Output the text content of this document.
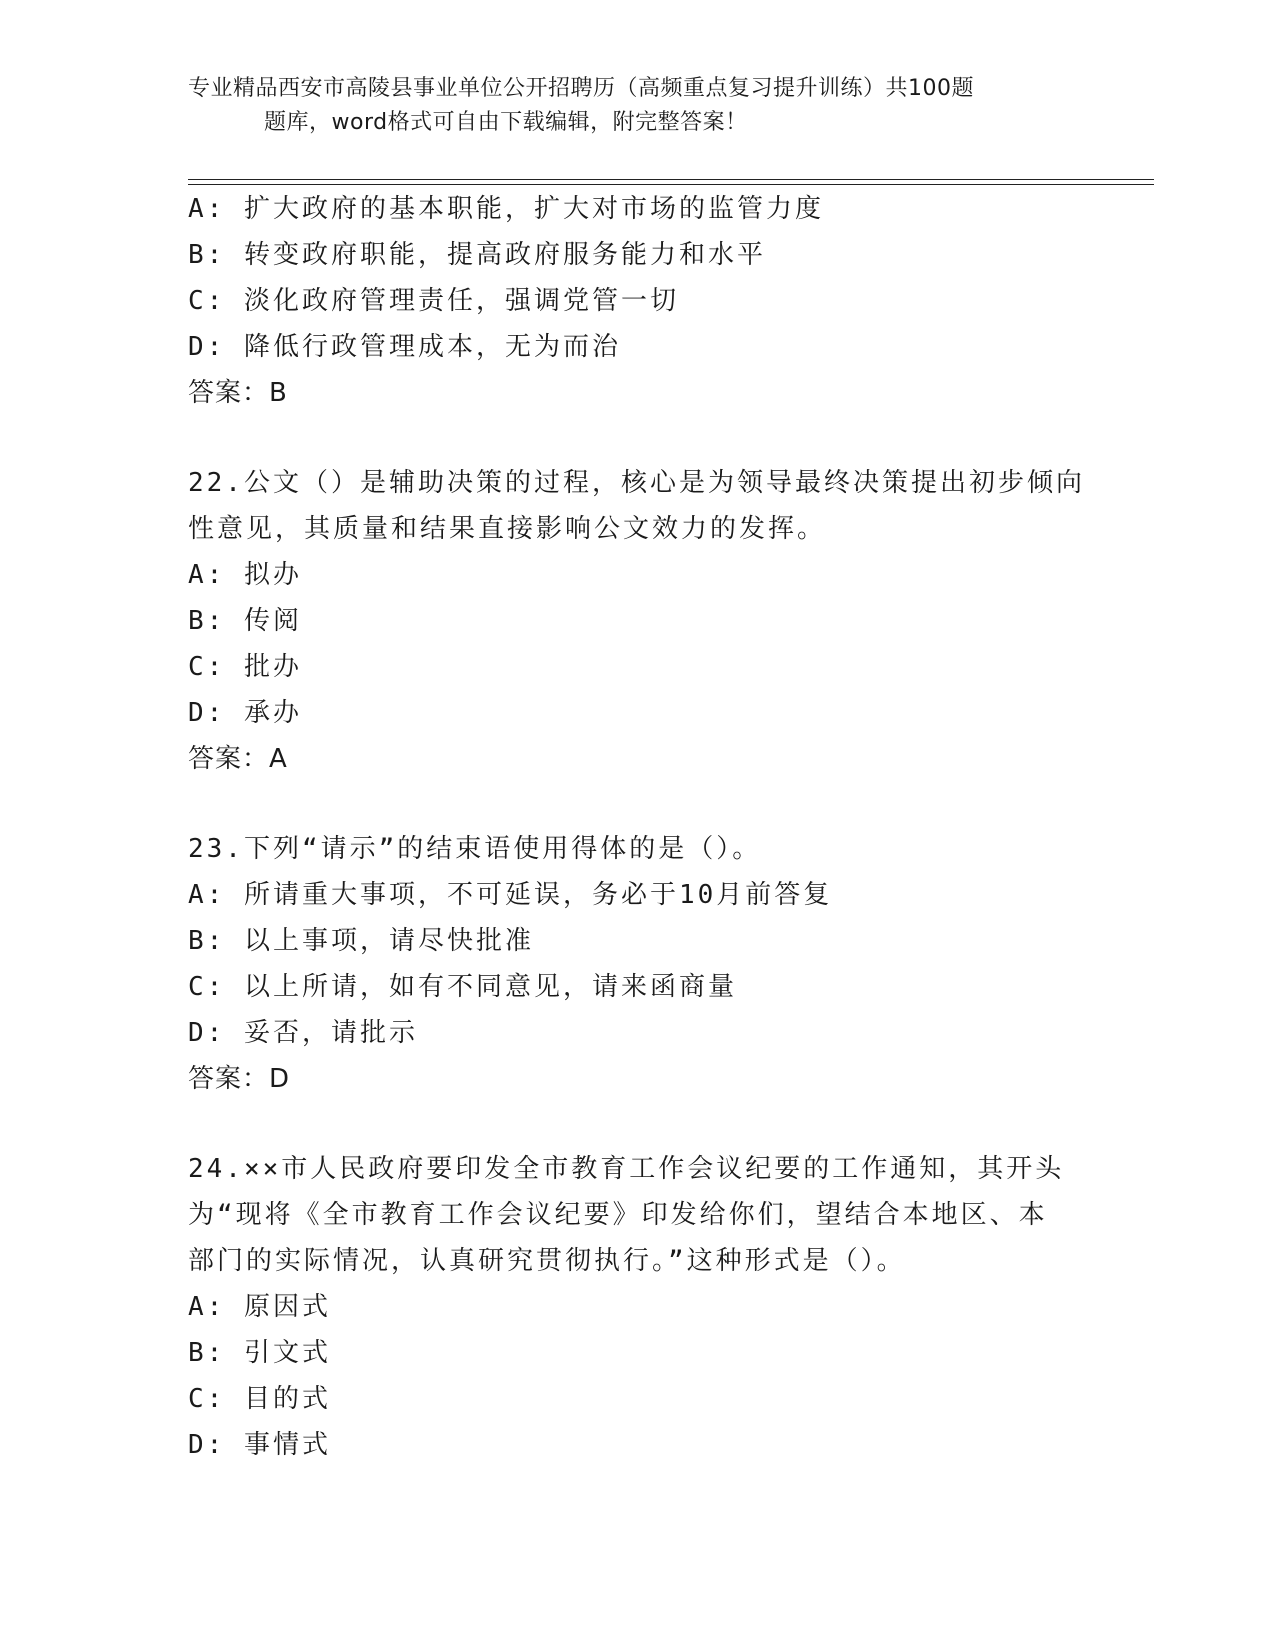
专业精品西安市高陵县事业单位公开招聘历（高频重点复习提升训练）共100题
题库，word格式可自由下载编辑，附完整答案！
A: 扩大政府的基本职能，扩大对市场的监管力度
B: 转变政府职能，提高政府服务能力和水平
C: 淡化政府管理责任，强调党管一切
D: 降低行政管理成本，无为而治
答案：B
22.公文（）是辅助决策的过程，核心是为领导最终决策提出初步倾向
性意见，其质量和结果直接影响公文效力的发挥。
A: 拟办
B: 传阅
C: 批办
D: 承办
答案：A
23.下列“请示”的结束语使用得体的是（）。
A: 所请重大事项，不可延误，务必于10月前答复
B: 以上事项，请尽快批准
C: 以上所请，如有不同意见，请来函商量
D: 妥否，请批示
答案：D
24.××市人民政府要印发全市教育工作会议纪要的工作通知，其开头
为“现将《全市教育工作会议纪要》印发给你们，望结合本地区、本
部门的实际情况，认真研究贯彻执行。”这种形式是（）。
A: 原因式
B: 引文式
C: 目的式
D: 事情式
